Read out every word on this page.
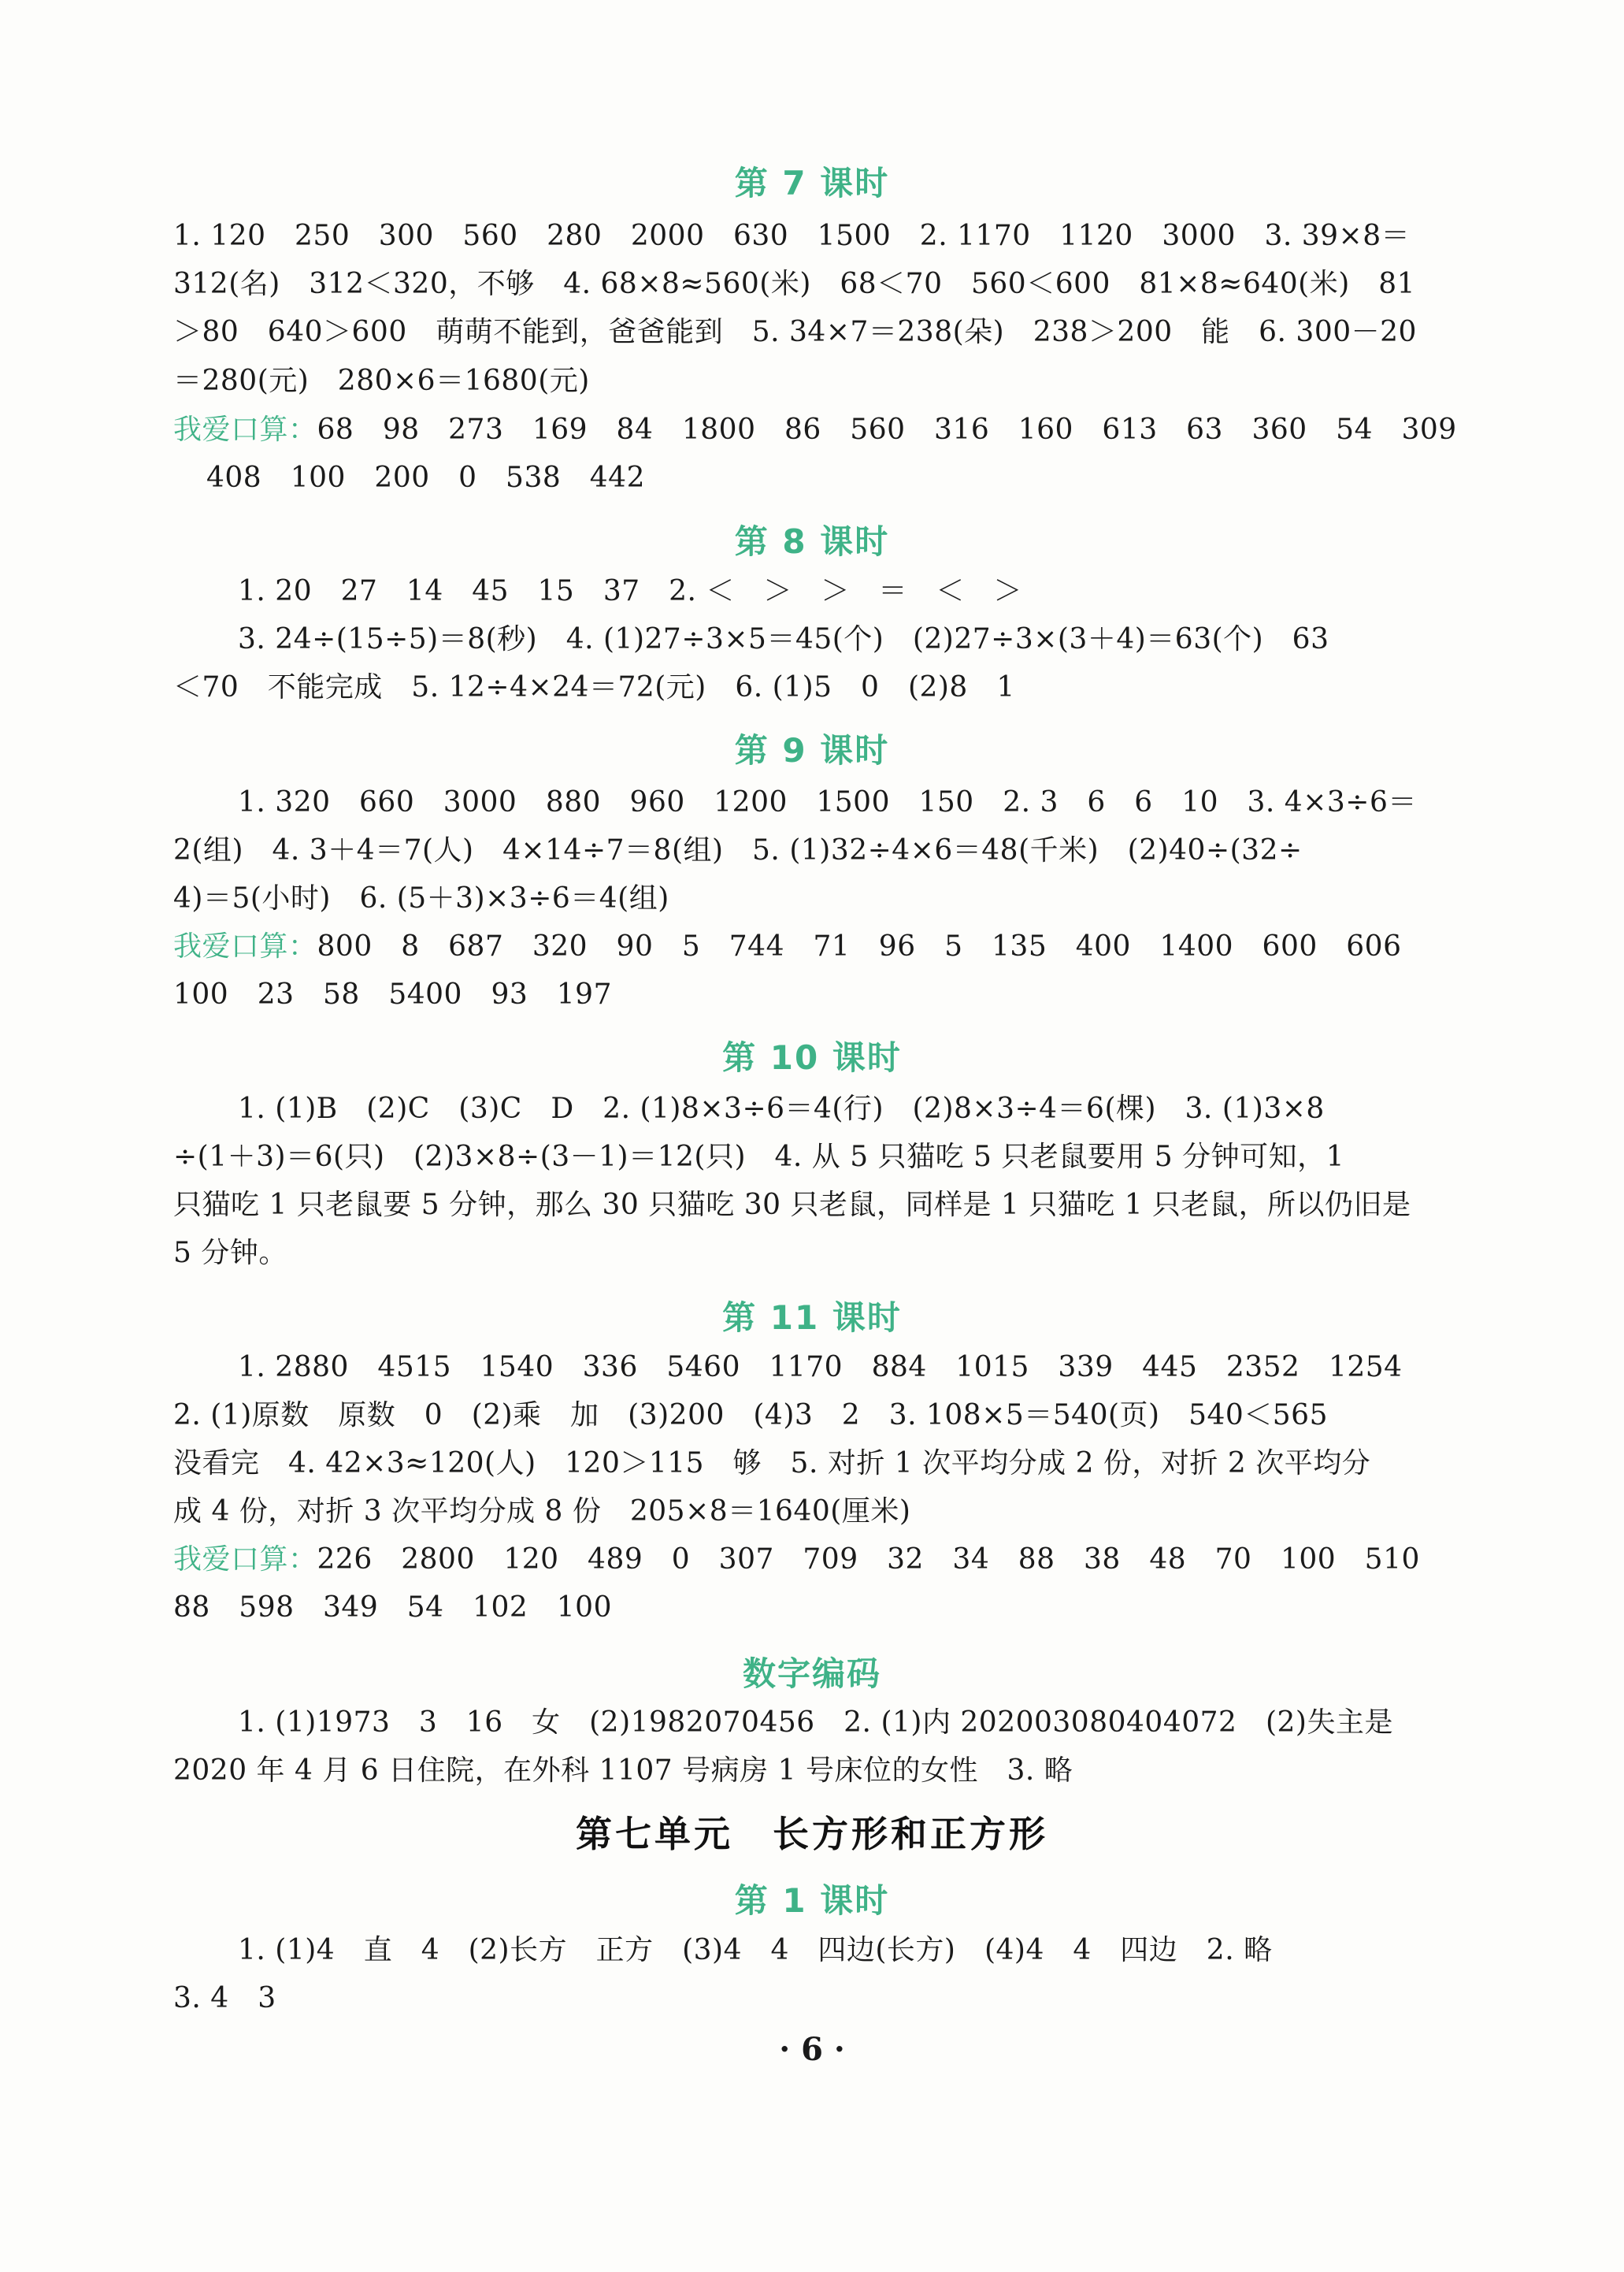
第 7 课时
1. 120　250　300　560　280　2000　630　1500　2. 1170　1120　3000　3. 39×8＝
312(名)　312＜320，不够　4. 68×8≈560(米)　68＜70　560＜600　81×8≈640(米)　81
＞80　640＞600　萌萌不能到，爸爸能到　5. 34×7＝238(朵)　238＞200　能　6. 300－20
＝280(元)　280×6＝1680(元)
我爱口算：68　98　273　169　84　1800　86　560　316　160　613　63　360　54　309
408　100　200　0　538　442
第 8 课时
1. 20　27　14　45　15　37　2. ＜　＞　＞　＝　＜　＞
3. 24÷(15÷5)＝8(秒)　4. (1)27÷3×5＝45(个)　(2)27÷3×(3＋4)＝63(个)　63
＜70　不能完成　5. 12÷4×24＝72(元)　6. (1)5　0　(2)8　1
第 9 课时
1. 320　660　3000　880　960　1200　1500　150　2. 3　6　6　10　3. 4×3÷6＝
2(组)　4. 3＋4＝7(人)　4×14÷7＝8(组)　5. (1)32÷4×6＝48(千米)　(2)40÷(32÷
4)＝5(小时)　6. (5＋3)×3÷6＝4(组)
我爱口算：800　8　687　320　90　5　744　71　96　5　135　400　1400　600　606
100　23　58　5400　93　197
第 10 课时
1. (1)B　(2)C　(3)C　D　2. (1)8×3÷6＝4(行)　(2)8×3÷4＝6(棵)　3. (1)3×8
÷(1＋3)＝6(只)　(2)3×8÷(3－1)＝12(只)　4. 从 5 只猫吃 5 只老鼠要用 5 分钟可知，1
只猫吃 1 只老鼠要 5 分钟，那么 30 只猫吃 30 只老鼠，同样是 1 只猫吃 1 只老鼠，所以仍旧是
5 分钟。
第 11 课时
1. 2880　4515　1540　336　5460　1170　884　1015　339　445　2352　1254
2. (1)原数　原数　0　(2)乘　加　(3)200　(4)3　2　3. 108×5＝540(页)　540＜565
没看完　4. 42×3≈120(人)　120＞115　够　5. 对折 1 次平均分成 2 份，对折 2 次平均分
成 4 份，对折 3 次平均分成 8 份　205×8＝1640(厘米)
我爱口算：226　2800　120　489　0　307　709　32　34　88　38　48　70　100　510
88　598　349　54　102　100
数字编码
1. (1)1973　3　16　女　(2)1982070456　2. (1)内 202003080404072　(2)失主是
2020 年 4 月 6 日住院，在外科 1107 号病房 1 号床位的女性　3. 略
第七单元　长方形和正方形
第 1 课时
1. (1)4　直　4　(2)长方　正方　(3)4　4　四边(长方)　(4)4　4　四边　2. 略
3. 4　3
· 6 ·
